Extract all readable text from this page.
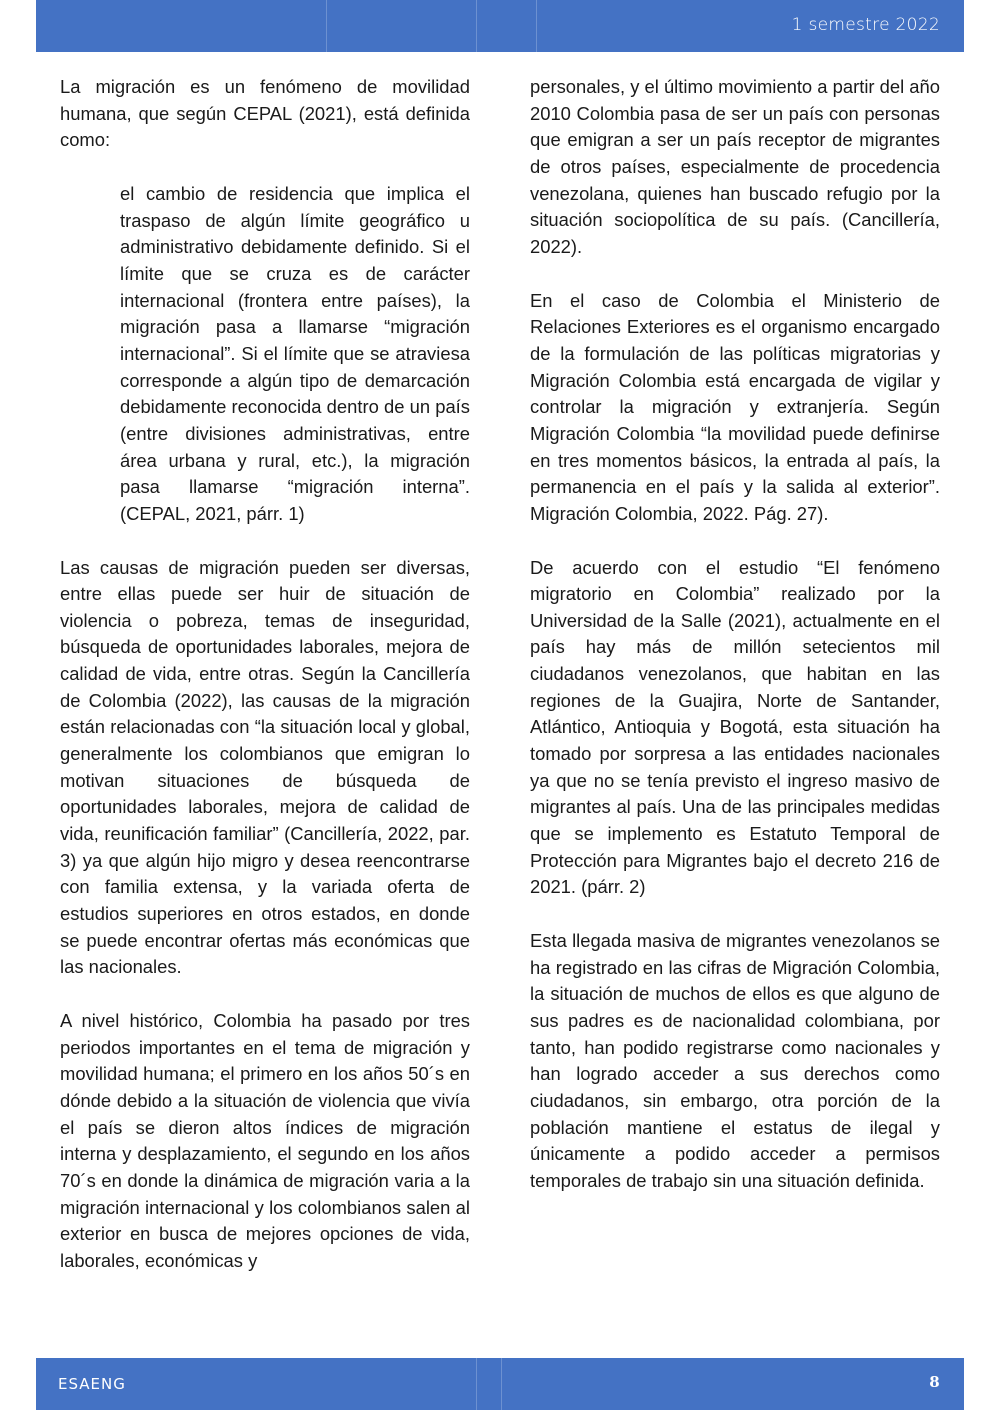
1 semestre 2022

La migración es un fenómeno de movilidad humana, que según CEPAL (2021), está definida como:

el cambio de residencia que implica el traspaso de algún límite geográfico u administrativo debidamente definido. Si el límite que se cruza es de carácter internacional (frontera entre países), la migración pasa a llamarse “migración internacional”. Si el límite que se atraviesa corresponde a algún tipo de demarcación debidamente reconocida dentro de un país (entre divisiones administrativas, entre área urbana y rural, etc.), la migración pasa llamarse “migración interna”. (CEPAL, 2021, párr. 1)

Las causas de migración pueden ser diversas, entre ellas puede ser huir de situación de violencia o pobreza, temas de inseguridad, búsqueda de oportunidades laborales, mejora de calidad de vida, entre otras. Según la Cancillería de Colombia (2022), las causas de la migración están relacionadas con “la situación local y global, generalmente los colombianos que emigran lo motivan situaciones de búsqueda de oportunidades laborales, mejora de calidad de vida, reunificación familiar” (Cancillería, 2022, par. 3) ya que algún hijo migro y desea reencontrarse con familia extensa, y la variada oferta de estudios superiores en otros estados, en donde se puede encontrar ofertas más económicas que las nacionales.

A nivel histórico, Colombia ha pasado por tres periodos importantes en el tema de migración y movilidad humana; el primero en los años 50´s en dónde debido a la situación de violencia que vivía el país se dieron altos índices de migración interna y desplazamiento, el segundo en los años 70´s en donde la dinámica de migración varia a la migración internacional y los colombianos salen al exterior en busca de mejores opciones de vida, laborales, económicas y

personales, y el último movimiento a partir del año 2010 Colombia pasa de ser un país con personas que emigran a ser un país receptor de migrantes de otros países, especialmente de procedencia venezolana, quienes han buscado refugio por la situación sociopolítica de su país. (Cancillería, 2022).

En el caso de Colombia el Ministerio de Relaciones Exteriores es el organismo encargado de la formulación de las políticas migratorias y Migración Colombia está encargada de vigilar y controlar la migración y extranjería. Según Migración Colombia “la movilidad puede definirse en tres momentos básicos, la entrada al país, la permanencia en el país y la salida al exterior”. Migración Colombia, 2022. Pág. 27).

De acuerdo con el estudio “El fenómeno migratorio en Colombia” realizado por la Universidad de la Salle (2021), actualmente en el país hay más de millón setecientos mil ciudadanos venezolanos, que habitan en las regiones de la Guajira, Norte de Santander, Atlántico, Antioquia y Bogotá, esta situación ha tomado por sorpresa a las entidades nacionales ya que no se tenía previsto el ingreso masivo de migrantes al país. Una de las principales medidas que se implemento es Estatuto Temporal de Protección para Migrantes bajo el decreto 216 de 2021. (párr. 2)

Esta llegada masiva de migrantes venezolanos se ha registrado en las cifras de Migración Colombia, la situación de muchos de ellos es que alguno de sus padres es de nacionalidad colombiana, por tanto, han podido registrarse como nacionales y han logrado acceder a sus derechos como ciudadanos, sin embargo, otra porción de la población mantiene el estatus de ilegal y únicamente a podido acceder a permisos temporales de trabajo sin una situación definida.

ESAENG	8
